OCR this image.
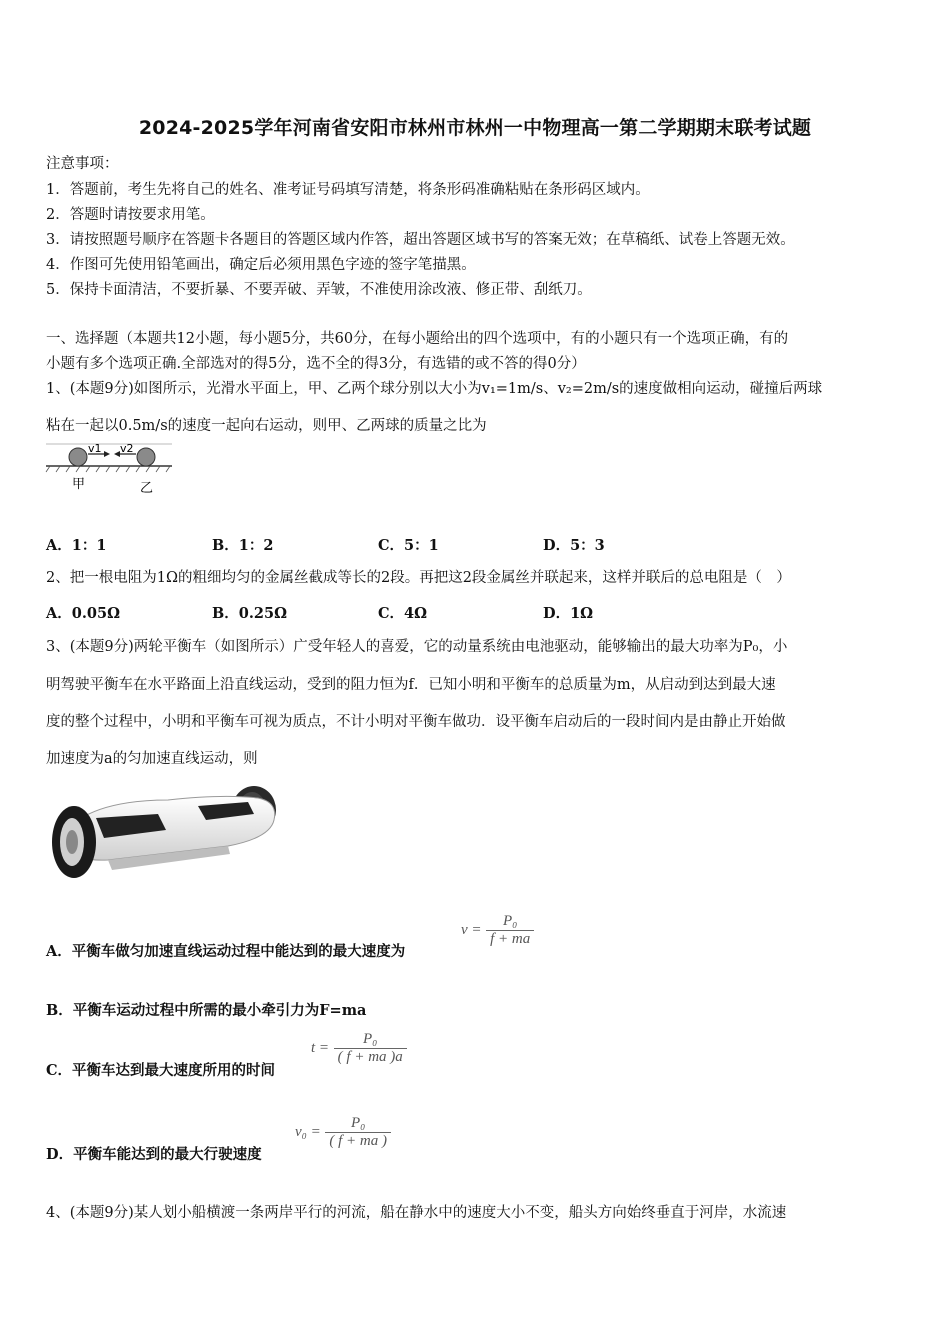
2024-2025学年河南省安阳市林州市林州一中物理高一第二学期期末联考试题
注意事项：
1．答题前，考生先将自己的姓名、准考证号码填写清楚，将条形码准确粘贴在条形码区域内。
2．答题时请按要求用笔。
3．请按照题号顺序在答题卡各题目的答题区域内作答，超出答题区域书写的答案无效；在草稿纸、试卷上答题无效。
4．作图可先使用铅笔画出，确定后必须用黑色字迹的签字笔描黑。
5．保持卡面清洁，不要折暴、不要弄破、弄皱，不准使用涂改液、修正带、刮纸刀。
一、选择题（本题共12小题，每小题5分，共60分，在每小题给出的四个选项中，有的小题只有一个选项正确，有的
小题有多个选项正确.全部选对的得5分，选不全的得3分，有选错的或不答的得0分）
1、(本题9分)如图所示，光滑水平面上，甲、乙两个球分别以大小为v₁=1m/s、v₂=2m/s的速度做相向运动，碰撞后两球
粘在一起以0.5m/s的速度一起向右运动，则甲、乙两球的质量之比为
v1 v2
甲	乙
A．1：1	B．1：2	C．5：1	D．5：3
2、把一根电阻为1Ω的粗细均匀的金属丝截成等长的2段。再把这2段金属丝并联起来，这样并联后的总电阻是（　）
A．0.05Ω	B．0.25Ω	C．4Ω	D．1Ω
3、(本题9分)两轮平衡车（如图所示）广受年轻人的喜爱，它的动量系统由电池驱动，能够输出的最大功率为P₀，小
明驾驶平衡车在水平路面上沿直线运动，受到的阻力恒为f．已知小明和平衡车的总质量为m，从启动到达到最大速
度的整个过程中，小明和平衡车可视为质点，不计小明对平衡车做功．设平衡车启动后的一段时间内是由静止开始做
加速度为a的匀加速直线运动，则
A．平衡车做匀加速直线运动过程中能达到的最大速度为
$v = \frac{\text{P₀}}{f + ma}$
B．平衡车运动过程中所需的最小牵引力为F=ma
C．平衡车达到最大速度所用的时间
$t = \frac{\text{P₀}}{( f + ma )a}$
D．平衡车能达到的最大行驶速度
$v_0 = \frac{\text{P₀}}{( f + ma )}$
4、(本题9分)某人划小船横渡一条两岸平行的河流，船在静水中的速度大小不变，船头方向始终垂直于河岸，水流速
